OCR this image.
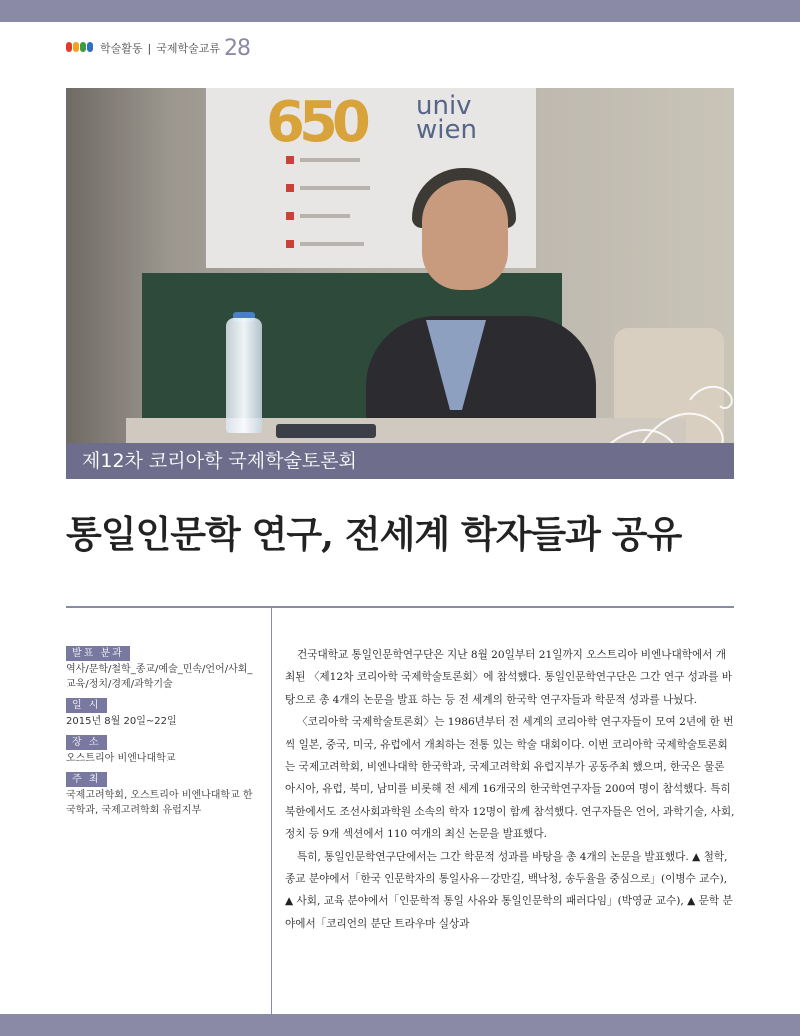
학술활동 | 국제학술교류 28
650 univ
wien
제12차 코리아학 국제학술토론회
통일인문학 연구, 전세계 학자들과 공유
발표 분과
역사/문학/철학_종교/예술_민속/언어/사회_교육/정치/경제/과학기술
일 시
2015년 8월 20일~22일
장 소
오스트리아 비엔나대학교
주 최
국제고려학회, 오스트리아 비엔나대학교 한국학과, 국제고려학회 유럽지부

건국대학교 통일인문학연구단은 지난 8월 20일부터 21일까지 오스트리아 비엔나대학에서 개최된 〈제12차 코리아학 국제학술토론회〉에 참석했다. 통일인문학연구단은 그간 연구 성과를 바탕으로 총 4개의 논문을 발표 하는 등 전 세계의 한국학 연구자들과 학문적 성과를 나눴다.

〈코리아학 국제학술토론회〉는 1986년부터 전 세계의 코리아학 연구자들이 모여 2년에 한 번씩 일본, 중국, 미국, 유럽에서 개최하는 전통 있는 학술 대회이다. 이번 코리아학 국제학술토론회는 국제고려학회, 비엔나대학 한국학과, 국제고려학회 유럽지부가 공동주최 했으며, 한국은 물론 아시아, 유럽, 북미, 남미를 비롯해 전 세계 16개국의 한국학연구자들 200여 명이 참석했다. 특히 북한에서도 조선사회과학원 소속의 학자 12명이 함께 참석했다. 연구자들은 언어, 과학기술, 사회, 정치 등 9개 섹션에서 110 여개의 최신 논문을 발표했다.

특히, 통일인문학연구단에서는 그간 학문적 성과를 바탕을 총 4개의 논문을 발표했다. ▲ 철학, 종교 분야에서「한국 인문학자의 통일사유－강만길, 백낙청, 송두율을 중심으로」(이병수 교수), ▲ 사회, 교육 분야에서「인문학적 통일 사유와 통일인문학의 패러다임」(박영균 교수), ▲ 문학 분야에서「코리언의 분단 트라우마 실상과
